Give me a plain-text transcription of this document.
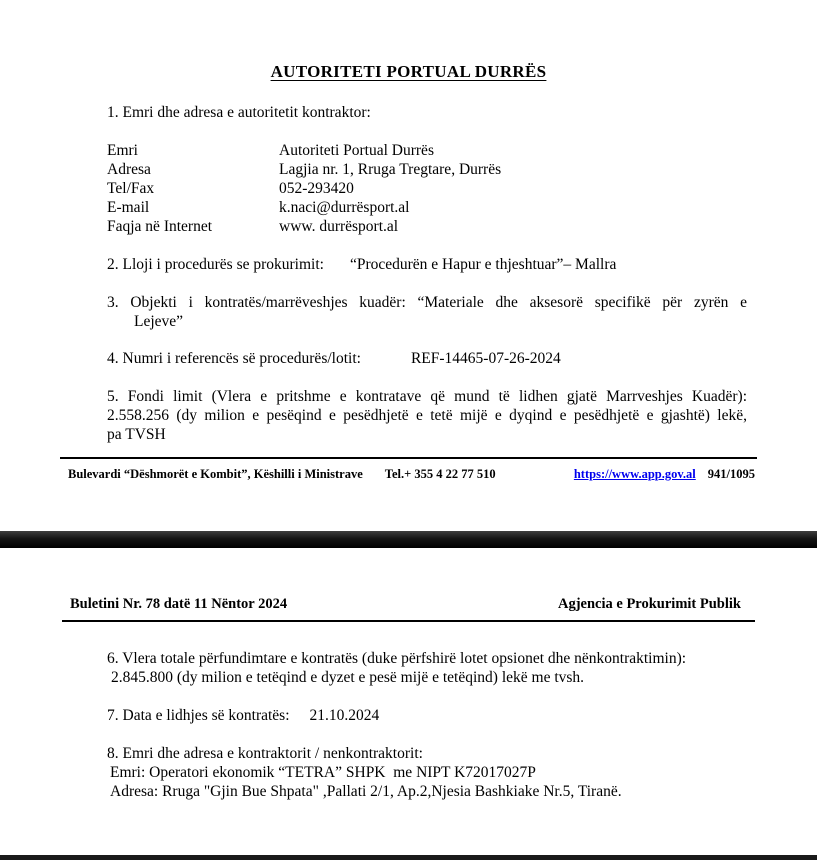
AUTORITETI PORTUAL DURRËS

1. Emri dhe adresa e autoritetit kontraktor:

Emri	Autoriteti Portual Durrës
Adresa	Lagjia nr. 1, Rruga Tregtare, Durrës
Tel/Fax	052-293420
E-mail	k.naci@durrësport.al
Faqja në Internet	www. durrësport.al

2. Lloji i procedurës se prokurimit: “Procedurën e Hapur e thjeshtuar”– Mallra

3. Objekti i kontratës/marrëveshjes kuadër: “Materiale dhe aksesorë specifikë për zyrën e
Lejeve”

4. Numri i referencës së procedurës/lotit:	REF-14465-07-26-2024

5. Fondi limit (Vlera e pritshme e kontratave që mund të lidhen gjatë Marrveshjes Kuadër):
2.558.256 (dy milion e pesëqind e pesëdhjetë e tetë mijë e dyqind e pesëdhjetë e gjashtë) lekë,
pa TVSH

Bulevardi “Dëshmorët e Kombit”, Këshilli i Ministrave Tel.+ 355 4 22 77 510	https://www.app.gov.al 941/1095
Buletini Nr. 78 datë 11 Nëntor 2024	Agjencia e Prokurimit Publik

6. Vlera totale përfundimtare e kontratës (duke përfshirë lotet opsionet dhe nënkontraktimin):
2.845.800 (dy milion e tetëqind e dyzet e pesë mijë e tetëqind) lekë me tvsh.

7. Data e lidhjes së kontratës: 21.10.2024

8. Emri dhe adresa e kontraktorit / nenkontraktorit:
Emri: Operatori ekonomik “TETRA” SHPK  me NIPT K72017027P
Adresa: Rruga "Gjin Bue Shpata" ,Pallati 2/1, Ap.2,Njesia Bashkiake Nr.5, Tiranë.
